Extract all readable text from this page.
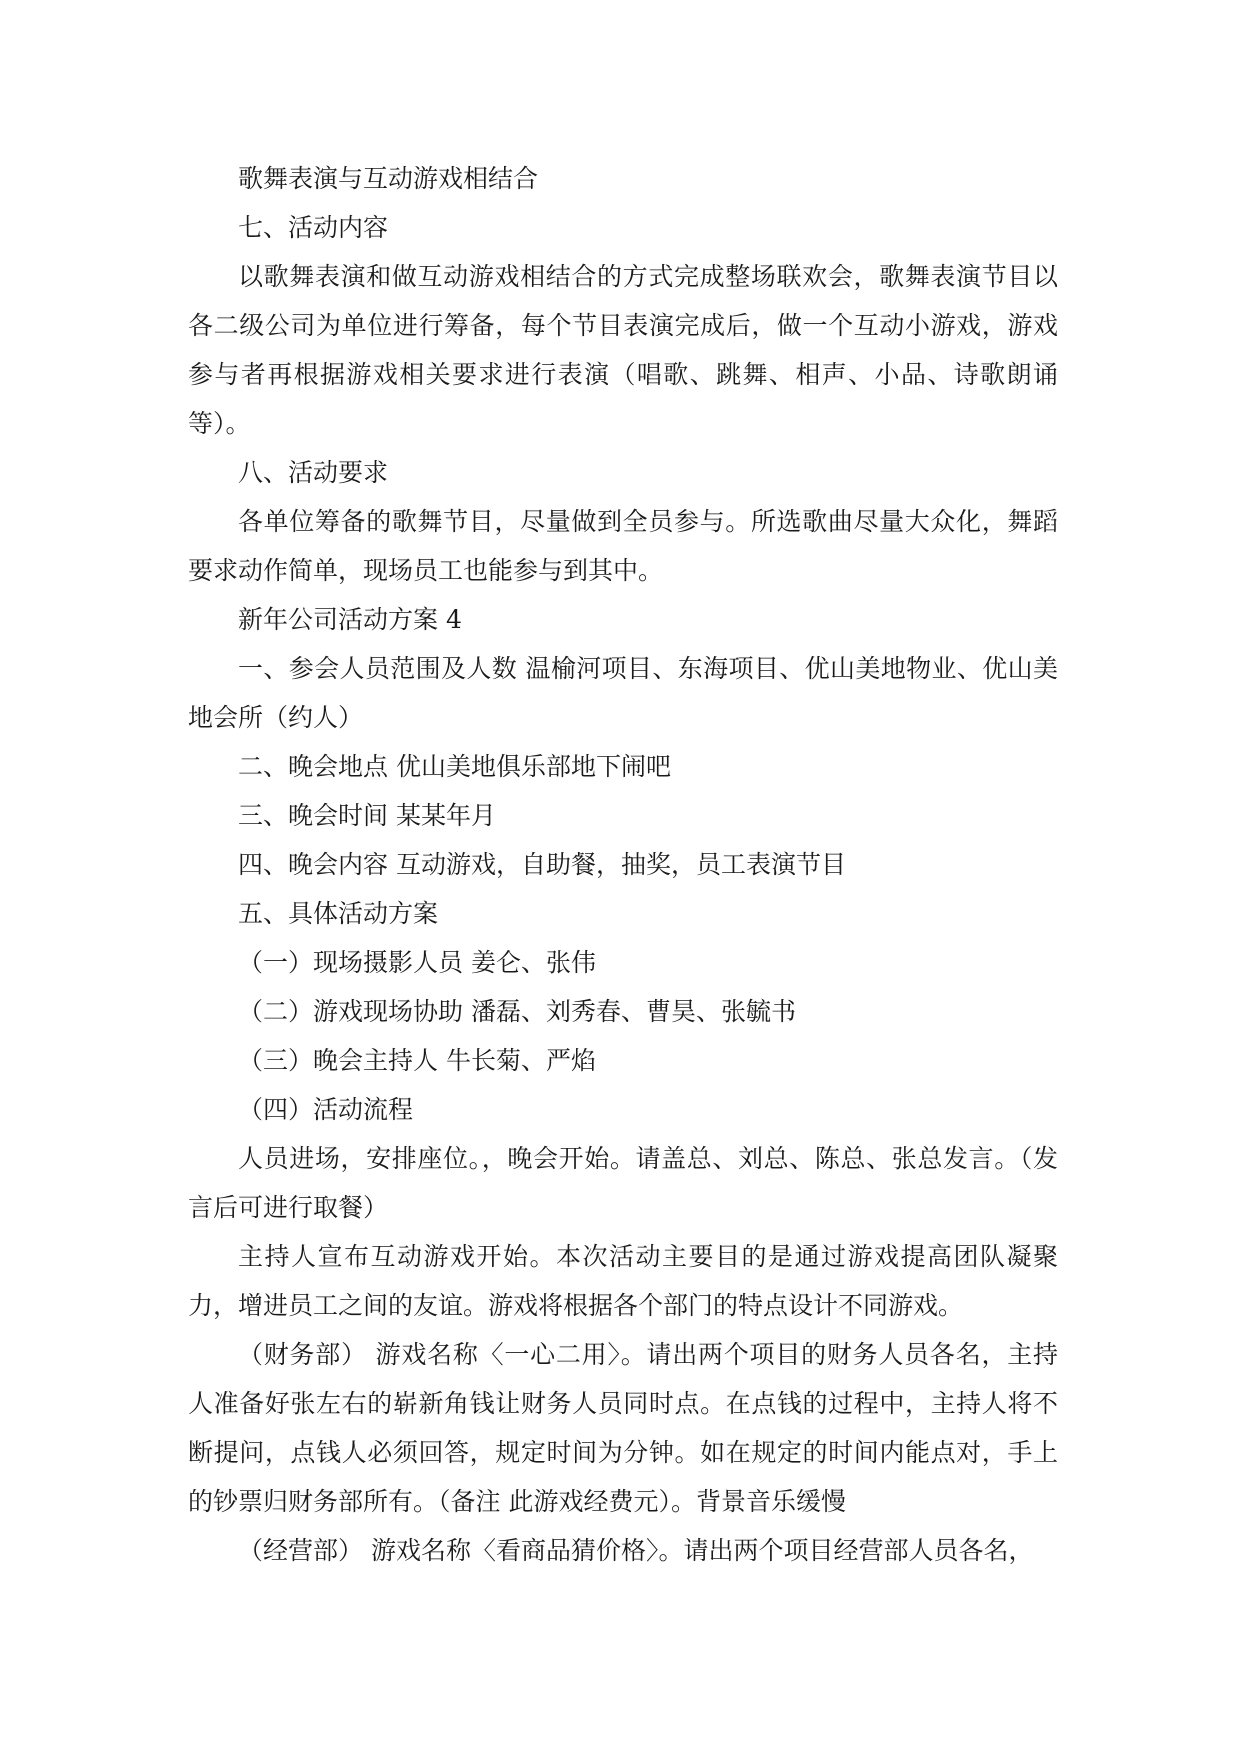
歌舞表演与互动游戏相结合

七、活动内容

以歌舞表演和做互动游戏相结合的方式完成整场联欢会，歌舞表演节目以各二级公司为单位进行筹备，每个节目表演完成后，做一个互动小游戏，游戏参与者再根据游戏相关要求进行表演（唱歌、跳舞、相声、小品、诗歌朗诵等）。

八、活动要求

各单位筹备的歌舞节目，尽量做到全员参与。所选歌曲尽量大众化，舞蹈要求动作简单，现场员工也能参与到其中。

新年公司活动方案 4

一、参会人员范围及人数 温榆河项目、东海项目、优山美地物业、优山美地会所（约人）

二、晚会地点 优山美地俱乐部地下闹吧

三、晚会时间 某某年月

四、晚会内容 互动游戏，自助餐，抽奖，员工表演节目

五、具体活动方案

（一）现场摄影人员 姜仑、张伟

（二）游戏现场协助 潘磊、刘秀春、曹昊、张毓书

（三）晚会主持人 牛长菊、严焰

（四）活动流程

人员进场，安排座位。，晚会开始。请盖总、刘总、陈总、张总发言。（发言后可进行取餐）

主持人宣布互动游戏开始。本次活动主要目的是通过游戏提高团队凝聚力，增进员工之间的友谊。游戏将根据各个部门的特点设计不同游戏。

（财务部） 游戏名称〈一心二用〉。请出两个项目的财务人员各名，主持人准备好张左右的崭新角钱让财务人员同时点。在点钱的过程中，主持人将不断提问，点钱人必须回答，规定时间为分钟。如在规定的时间内能点对，手上的钞票归财务部所有。（备注 此游戏经费元）。背景音乐缓慢

（经营部） 游戏名称〈看商品猜价格〉。请出两个项目经营部人员各名，
